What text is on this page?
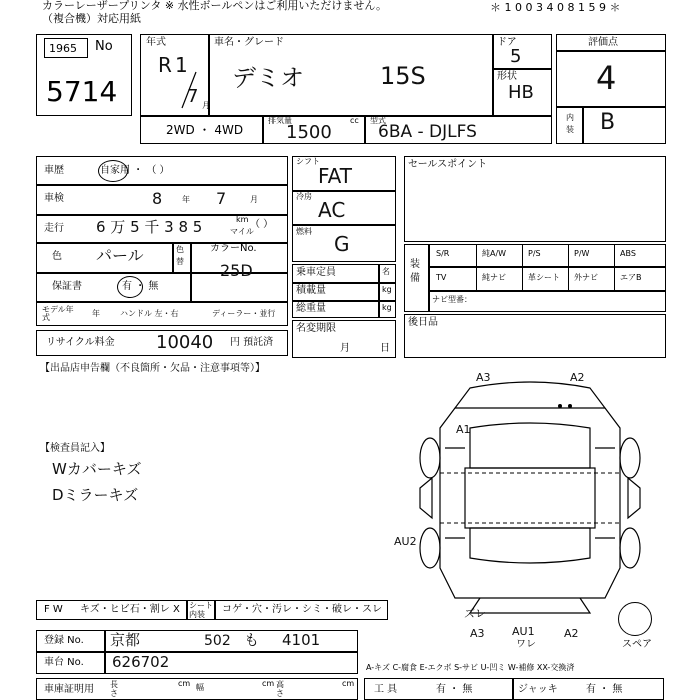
カラーレーザープリンタ ※ 水性ボールペンはご利用いただけません。
（複合機）対応用紙
＊ 1 0 0 3 4 0 8 1 5 9 ＊
1965 No
5714
年式
R 1
7 月
車名・グレード
デミオ	15S
ドア
5
形状
HB
2WD ・ 4WD
排気量
1500
cc 型式
6BA - DJLFS
評価点
4
内装 B
車歴	自家用 ・ （ ）
車検	8 年 7	月
走行 6 万 5 千 3 8 5	km
マイル
（ ）
色 パール	色替
カラーNo.
25D
保証書	有 ・ 無
モデル年式	年	ハンドル 左・右	ディーラー・並行
リサイクル料金 10040 円 預託済
シフト
FAT
冷房
AC
燃料
G
乗車定員	名
積載量	kg
総重量	kg
名変期限
月	日
セールスポイント
装備
S/R	純A/W	P/S	P/W	ABS
TV	純ナビ	革シート 外ナビ	エアB
ナビ型番：
後日品
【出品店申告欄（不良箇所・欠品・注意事項等）】
【検査員記入】
Wカバーキズ
Dミラーキズ
A3	A2
A1
AU2
ズレ
A3 AU1
ワレ
A2
スペア
F W キズ・ヒビ石・割レ X シート内装	コゲ・穴・汚レ・シミ・破レ・スレ
登録 No. 京都	502 も 4101
車台 No. 626702
車庫証明用 長さ
cm 幅	cm 高さ
cm
A-キズ C-腐食 E-エクボ S-サビ U-凹ミ W-補修 XX-交換済
工 具	有 ・ 無	ジャッキ	有 ・ 無
